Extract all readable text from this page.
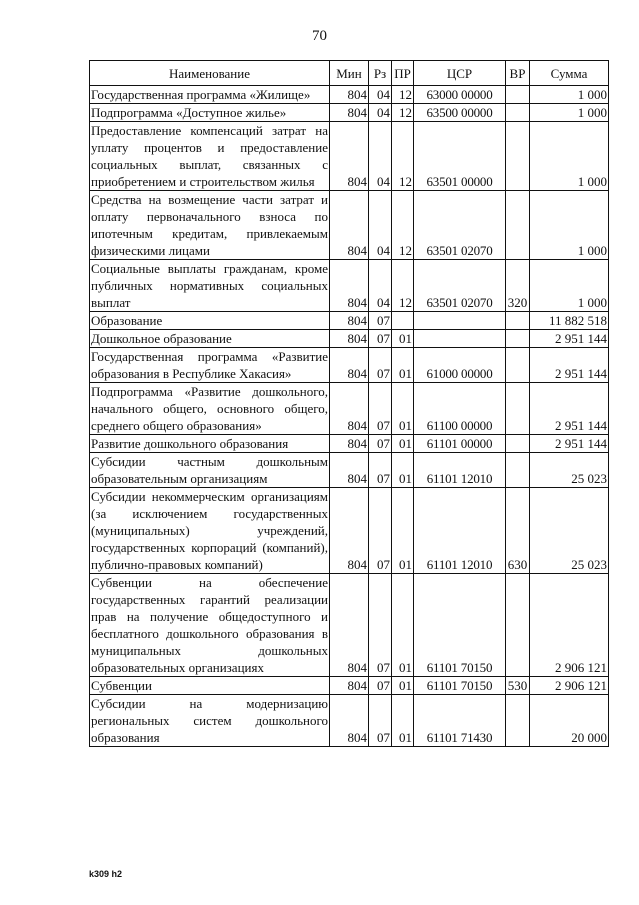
70
Наименование	Мин	Рз	ПР	ЦСР	ВР	Сумма
Государственная программа «Жилище»	804	04	12	63000 00000		1 000
Подпрограмма «Доступное жилье»	804	04	12	63500 00000		1 000
Предоставление компенсаций затрат на уплату процентов и предоставление социальных выплат, связанных с приобретением и строительством жилья	804	04	12	63501 00000		1 000
Средства на возмещение части затрат и оплату первоначального взноса по ипотечным кредитам, привлекаемым физическими лицами	804	04	12	63501 02070		1 000
Социальные выплаты гражданам, кроме публичных нормативных социальных выплат	804	04	12	63501 02070	320	1 000
Образование	804	07				11 882 518
Дошкольное образование	804	07	01			2 951 144
Государственная программа «Развитие образования в Республике Хакасия»	804	07	01	61000 00000		2 951 144
Подпрограмма «Развитие дошкольного, начального общего, основного общего, среднего общего образования»	804	07	01	61100 00000		2 951 144
Развитие дошкольного образования	804	07	01	61101 00000		2 951 144
Субсидии частным дошкольным образовательным организациям	804	07	01	61101 12010		25 023
Субсидии некоммерческим организациям (за исключением государственных (муниципальных) учреждений, государственных корпораций (компаний), публично-правовых компаний)	804	07	01	61101 12010	630	25 023
Субвенции на обеспечение государственных гарантий реализации прав на получение общедоступного и бесплатного дошкольного образования в муниципальных дошкольных образовательных организациях	804	07	01	61101 70150		2 906 121
Субвенции	804	07	01	61101 70150	530	2 906 121
Субсидии на модернизацию региональных систем дошкольного образования	804	07	01	61101 71430		20 000
k309 h2
